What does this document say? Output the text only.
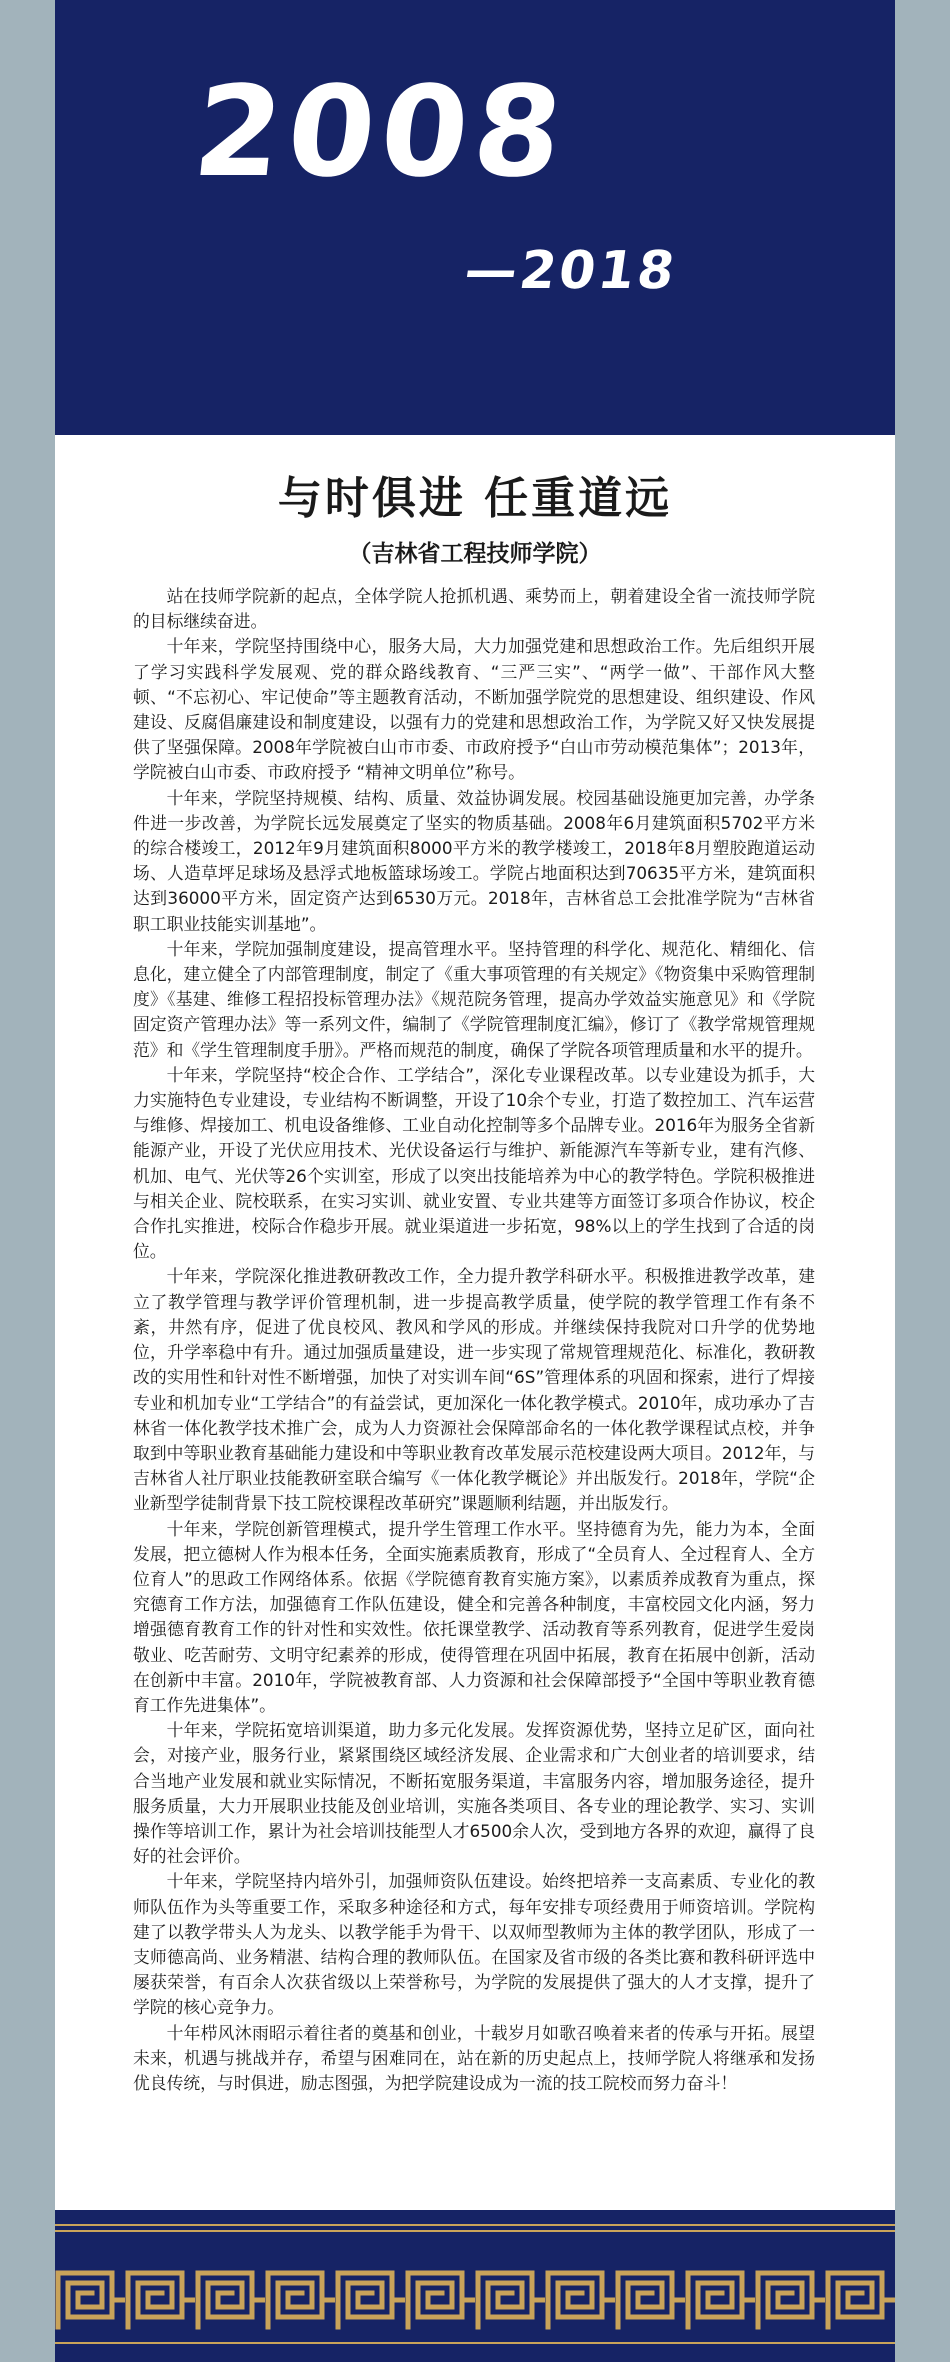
2008
—2018
与时俱进 任重道远
（吉林省工程技师学院）

站在技师学院新的起点，全体学院人抢抓机遇、乘势而上，朝着建设全省一流技师学院的目标继续奋进。

十年来，学院坚持围绕中心，服务大局，大力加强党建和思想政治工作。先后组织开展了学习实践科学发展观、党的群众路线教育、“三严三实”、“两学一做”、干部作风大整顿、“不忘初心、牢记使命”等主题教育活动，不断加强学院党的思想建设、组织建设、作风建设、反腐倡廉建设和制度建设，以强有力的党建和思想政治工作，为学院又好又快发展提供了坚强保障。2008年学院被白山市市委、市政府授予“白山市劳动模范集体”；2013年，学院被白山市委、市政府授予 “精神文明单位”称号。

十年来，学院坚持规模、结构、质量、效益协调发展。校园基础设施更加完善，办学条件进一步改善，为学院长远发展奠定了坚实的物质基础。2008年6月建筑面积5702平方米的综合楼竣工，2012年9月建筑面积8000平方米的教学楼竣工，2018年8月塑胶跑道运动场、人造草坪足球场及悬浮式地板篮球场竣工。学院占地面积达到70635平方米，建筑面积达到36000平方米，固定资产达到6530万元。2018年，吉林省总工会批准学院为“吉林省职工职业技能实训基地”。

十年来，学院加强制度建设，提高管理水平。坚持管理的科学化、规范化、精细化、信息化，建立健全了内部管理制度，制定了《重大事项管理的有关规定》《物资集中采购管理制度》《基建、维修工程招投标管理办法》《规范院务管理，提高办学效益实施意见》和《学院固定资产管理办法》等一系列文件，编制了《学院管理制度汇编》，修订了《教学常规管理规范》和《学生管理制度手册》。严格而规范的制度，确保了学院各项管理质量和水平的提升。

十年来，学院坚持“校企合作、工学结合”，深化专业课程改革。以专业建设为抓手，大力实施特色专业建设，专业结构不断调整，开设了10余个专业，打造了数控加工、汽车运营与维修、焊接加工、机电设备维修、工业自动化控制等多个品牌专业。2016年为服务全省新能源产业，开设了光伏应用技术、光伏设备运行与维护、新能源汽车等新专业，建有汽修、机加、电气、光伏等26个实训室，形成了以突出技能培养为中心的教学特色。学院积极推进与相关企业、院校联系，在实习实训、就业安置、专业共建等方面签订多项合作协议，校企合作扎实推进，校际合作稳步开展。就业渠道进一步拓宽，98%以上的学生找到了合适的岗位。

十年来，学院深化推进教研教改工作，全力提升教学科研水平。积极推进教学改革，建立了教学管理与教学评价管理机制，进一步提高教学质量，使学院的教学管理工作有条不紊，井然有序，促进了优良校风、教风和学风的形成。并继续保持我院对口升学的优势地位，升学率稳中有升。通过加强质量建设，进一步实现了常规管理规范化、标准化，教研教改的实用性和针对性不断增强，加快了对实训车间“6S”管理体系的巩固和探索，进行了焊接专业和机加专业“工学结合”的有益尝试，更加深化一体化教学模式。2010年，成功承办了吉林省一体化教学技术推广会，成为人力资源社会保障部命名的一体化教学课程试点校，并争取到中等职业教育基础能力建设和中等职业教育改革发展示范校建设两大项目。2012年，与吉林省人社厅职业技能教研室联合编写《一体化教学概论》并出版发行。2018年，学院“企业新型学徒制背景下技工院校课程改革研究”课题顺利结题，并出版发行。

十年来，学院创新管理模式，提升学生管理工作水平。坚持德育为先，能力为本，全面发展，把立德树人作为根本任务，全面实施素质教育，形成了“全员育人、全过程育人、全方位育人”的思政工作网络体系。依据《学院德育教育实施方案》，以素质养成教育为重点，探究德育工作方法，加强德育工作队伍建设，健全和完善各种制度，丰富校园文化内涵，努力增强德育教育工作的针对性和实效性。依托课堂教学、活动教育等系列教育，促进学生爱岗敬业、吃苦耐劳、文明守纪素养的形成，使得管理在巩固中拓展，教育在拓展中创新，活动在创新中丰富。2010年，学院被教育部、人力资源和社会保障部授予“全国中等职业教育德育工作先进集体”。

十年来，学院拓宽培训渠道，助力多元化发展。发挥资源优势，坚持立足矿区，面向社会，对接产业，服务行业，紧紧围绕区域经济发展、企业需求和广大创业者的培训要求，结合当地产业发展和就业实际情况，不断拓宽服务渠道，丰富服务内容，增加服务途径，提升服务质量，大力开展职业技能及创业培训，实施各类项目、各专业的理论教学、实习、实训操作等培训工作，累计为社会培训技能型人才6500余人次，受到地方各界的欢迎，赢得了良好的社会评价。

十年来，学院坚持内培外引，加强师资队伍建设。始终把培养一支高素质、专业化的教师队伍作为头等重要工作，采取多种途径和方式，每年安排专项经费用于师资培训。学院构建了以教学带头人为龙头、以教学能手为骨干、以双师型教师为主体的教学团队，形成了一支师德高尚、业务精湛、结构合理的教师队伍。在国家及省市级的各类比赛和教科研评选中屡获荣誉，有百余人次获省级以上荣誉称号，为学院的发展提供了强大的人才支撑，提升了学院的核心竞争力。

十年栉风沐雨昭示着往者的奠基和创业，十载岁月如歌召唤着来者的传承与开拓。展望未来，机遇与挑战并存，希望与困难同在，站在新的历史起点上，技师学院人将继承和发扬优良传统，与时俱进，励志图强，为把学院建设成为一流的技工院校而努力奋斗！
